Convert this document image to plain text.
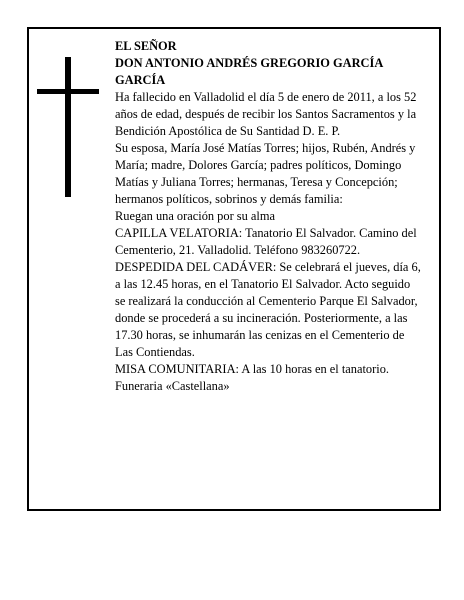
EL SEÑOR

DON ANTONIO ANDRÉS GREGORIO GARCÍA GARCÍA

Ha fallecido en Valladolid el día 5 de enero de 2011, a los 52 años de edad, después de recibir los Santos Sacramentos y la Bendición Apostólica de Su Santidad D. E. P.

Su esposa, María José Matías Torres; hijos, Rubén, Andrés y María; madre, Dolores García; padres políticos, Domingo Matías y Juliana Torres; hermanas, Teresa y Concepción; hermanos políticos, sobrinos y demás familia:

Ruegan una oración por su alma

CAPILLA VELATORIA: Tanatorio El Salvador. Camino del Cementerio, 21. Valladolid. Teléfono 983260722.

DESPEDIDA DEL CADÁVER: Se celebrará el jueves, día 6, a las 12.45 horas, en el Tanatorio El Salvador. Acto seguido se realizará la conducción al Cementerio Parque El Salvador, donde se procederá a su incineración. Posteriormente, a las 17.30 horas, se inhumarán las cenizas en el Cementerio de Las Contiendas.

MISA COMUNITARIA: A las 10 horas en el tanatorio.

Funeraria «Castellana»
